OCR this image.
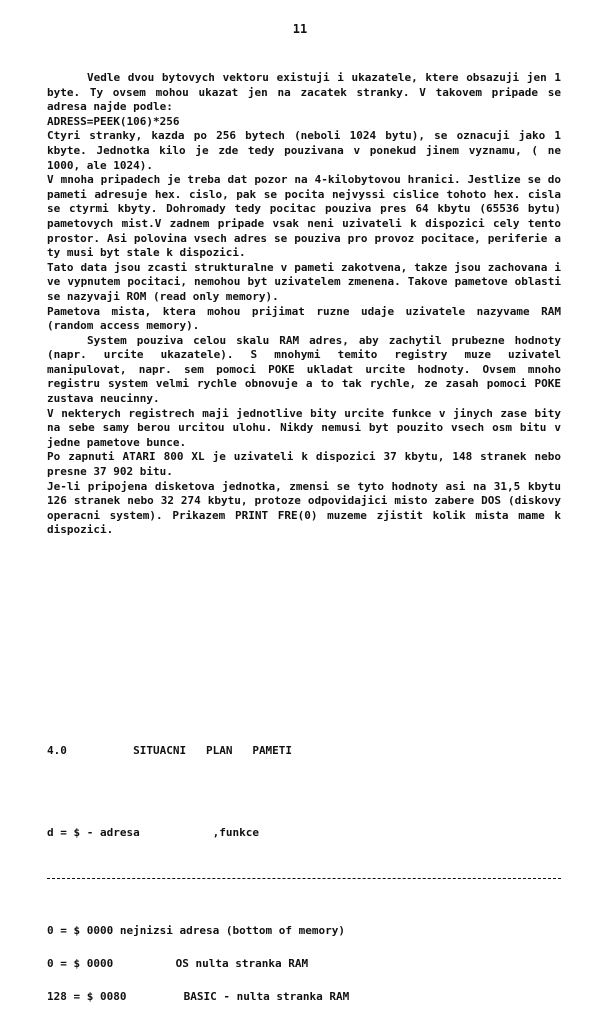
11

Vedle dvou bytovych vektoru existuji i ukazatele, ktere obsazuji jen 1 byte. Ty ovsem mohou ukazat jen na zacatek stranky. V takovem pripade se adresa najde podle:

ADRESS=PEEK(106)*256

Ctyri stranky, kazda po 256 bytech (neboli 1024 bytu), se oznacuji jako 1 kbyte. Jednotka kilo je zde tedy pouzivana v ponekud jinem vyznamu, ( ne 1000, ale 1024).

V mnoha pripadech je treba dat pozor na 4-kilobytovou hranici. Jestlize se do pameti adresuje hex. cislo, pak se pocita nejvyssi cislice tohoto hex. cisla se ctyrmi kbyty. Dohromady tedy pocitac pouziva pres 64 kbytu (65536 bytu) pametovych mist.V zadnem pripade vsak neni uzivateli k dispozici cely tento prostor. Asi polovina vsech adres se pouziva pro provoz pocitace, periferie a ty musi byt stale k dispozici.

Tato data jsou zcasti strukturalne v pameti zakotvena, takze jsou zachovana i ve vypnutem pocitaci, nemohou byt uzivatelem zmenena. Takove pametove oblasti se nazyvaji ROM (read only memory).

Pametova mista, ktera mohou prijimat ruzne udaje uzivatele nazyvame RAM (random access memory).

System pouziva celou skalu RAM adres, aby zachytil prubezne hodnoty (napr. urcite ukazatele). S mnohymi temito registry muze uzivatel manipulovat, napr. sem pomoci POKE ukladat urcite hodnoty. Ovsem mnoho registru system velmi rychle obnovuje a to tak rychle, ze zasah pomoci POKE zustava neucinny.

V nekterych registrech maji jednotlive bity urcite funkce v jinych zase bity na sebe samy berou urcitou ulohu. Nikdy nemusi byt pouzito vsech osm bitu v jedne pametove bunce.

Po zapnuti ATARI 800 XL je uzivateli k dispozici 37 kbytu, 148 stranek nebo presne 37 902 bitu.

Je-li pripojena disketova jednotka, zmensi se tyto hodnoty asi na 31,5 kbytu 126 stranek nebo 32 274 kbytu, protoze odpovidajici misto zabere DOS (diskovy operacni system). Prikazem PRINT FRE(0) muzeme zjistit kolik mista mame k dispozici.

4.0	SITUACNI   PLAN   PAMETI
d = $ - adresa	,funkce
0 = $ 0000 nejnizsi adresa (bottom of memory)
0 = $ 0000	OS nulta stranka RAM
128 = $ 0080	BASIC - nulta stranka RAM
